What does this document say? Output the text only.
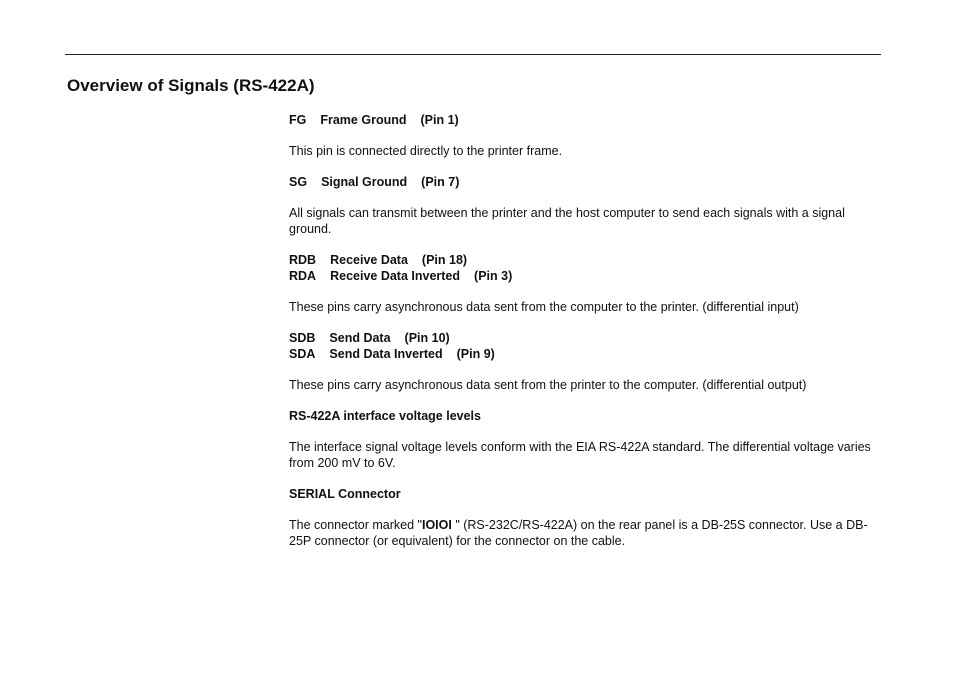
Overview of Signals (RS-422A)
FG Frame Ground (Pin 1)

This pin is connected directly to the printer frame.

SG Signal Ground (Pin 7)

All signals can transmit between the printer and the host computer to send each signals with a signal ground.

RDB Receive Data (Pin 18)
RDA Receive Data Inverted (Pin 3)

These pins carry asynchronous data sent from the computer to the printer. (differential input)

SDB Send Data (Pin 10)
SDA Send Data Inverted (Pin 9)

These pins carry asynchronous data sent from the printer to the computer. (differential output)

RS-422A interface voltage levels

The interface signal voltage levels conform with the EIA RS-422A standard. The differential voltage varies from 200 mV to 6V.

SERIAL Connector

The connector marked "IOIOI " (RS-232C/RS-422A) on the rear panel is a DB-25S connector. Use a DB-25P connector (or equivalent) for the connector on the cable.
